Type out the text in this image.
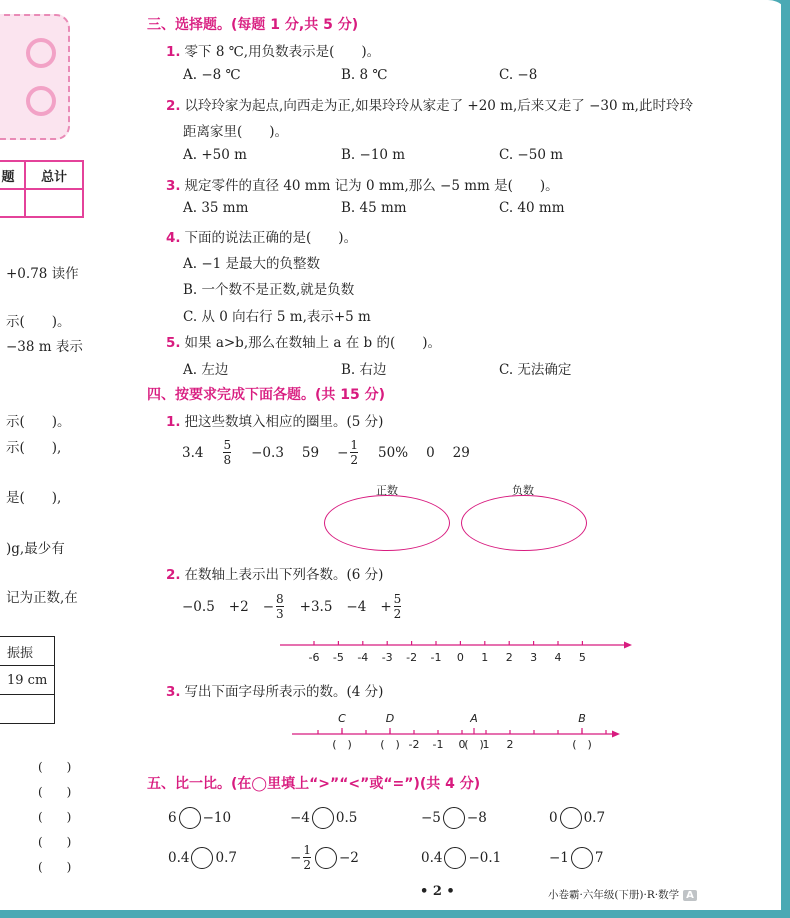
题	总计

+0.78 读作
示(　　)。
−38 m 表示
示(　　)。
示(　　),
是(　　),
)g,最少有
记为正数,在
振振
19 cm

(　　)
(　　)
(　　)
(　　)
(　　)
三、选择题。(每题 1 分,共 5 分)
1. 零下 8 ℃,用负数表示是(　　)。
A. −8 ℃	B. 8 ℃	C. −8
2. 以玲玲家为起点,向西走为正,如果玲玲从家走了 +20 m,后来又走了 −30 m,此时玲玲
距离家里(　　)。
A. +50 m	B. −10 m	C. −50 m
3. 规定零件的直径 40 mm 记为 0 mm,那么 −5 mm 是(　　)。
A. 35 mm	B. 45 mm	C. 40 mm
4. 下面的说法正确的是(　　)。
A. −1 是最大的负整数
B. 一个数不是正数,就是负数
C. 从 0 向右行 5 m,表示+5 m
5. 如果 a>b,那么在数轴上 a 在 b 的(　　)。
A. 左边	B. 右边	C. 无法确定
四、按要求完成下面各题。(共 15 分)
1. 把这些数填入相应的圈里。(5 分)
$3.4 \frac{5}{8} -0.3$ $59 - \frac{1}{2} 50\%$ 0 29
正数	负数
2. 在数轴上表示出下列各数。(6 分)
$-0.5 +2 - \frac{8}{3} +3.5 -4 + \frac{5}{2}$
-6 -5 -4 -3 -2 -1 0 1 2 3 4 5
3. 写出下面字母所表示的数。(4 分)
C
(　)
D
(　)
A
(　)
B
(　)
-2 -1 0 1 2
五、比一比。(在◯里填上“>”“<”或“=”)(共 4 分)
6 −10	−4 0.5	−5 −8	0 0.7
0.4 0.7	− $\frac{1}{2} -2$	0.4 −0.1	−1 7
• 2 •	小卷霸·六年级(下册)·R·数学 A
